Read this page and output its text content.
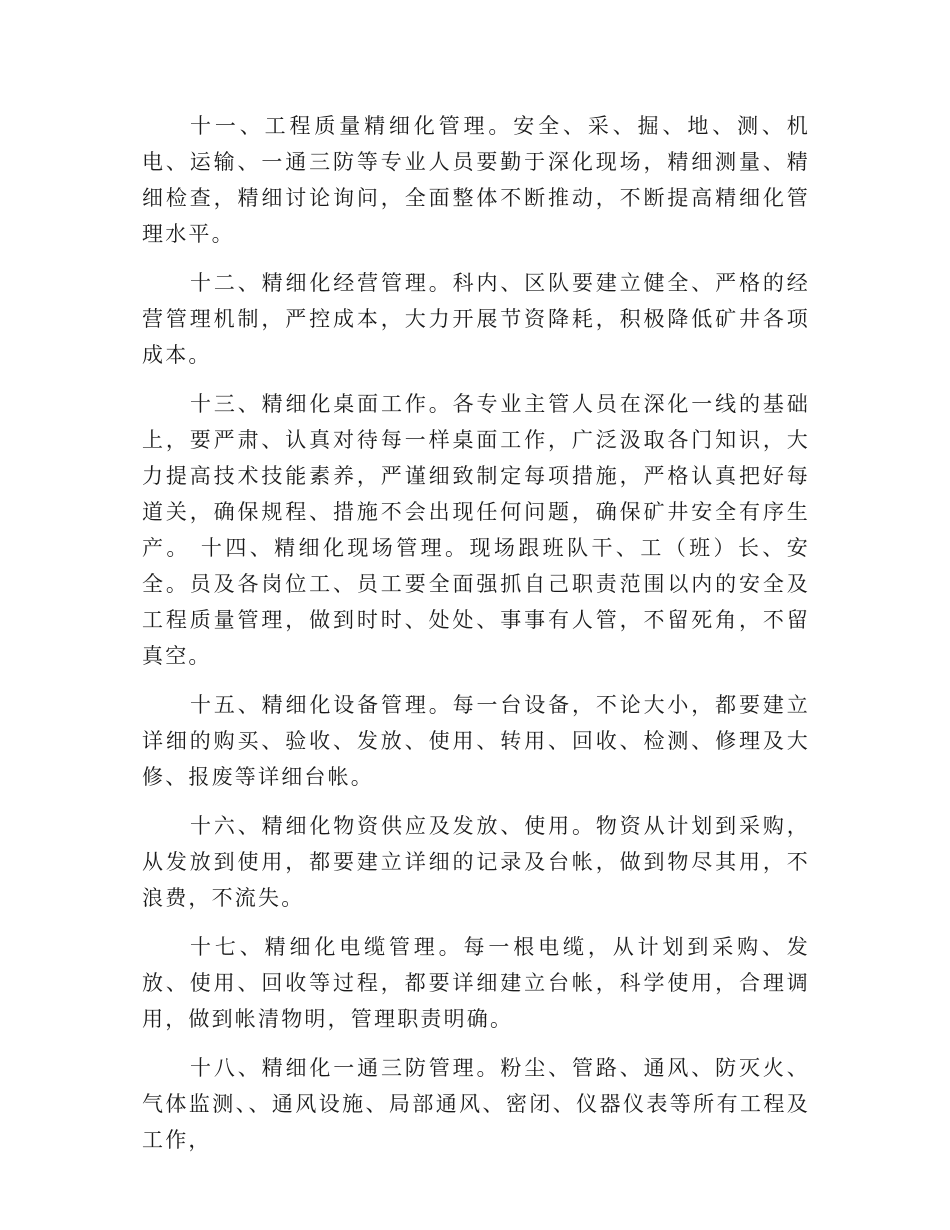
十一、工程质量精细化管理。安全、采、掘、地、测、机电、运输、一通三防等专业人员要勤于深化现场，精细测量、精细检查，精细讨论询问，全面整体不断推动，不断提高精细化管理水平。

十二、精细化经营管理。科内、区队要建立健全、严格的经营管理机制，严控成本，大力开展节资降耗，积极降低矿井各项成本。

十三、精细化桌面工作。各专业主管人员在深化一线的基础上，要严肃、认真对待每一样桌面工作，广泛汲取各门知识，大力提高技术技能素养，严谨细致制定每项措施，严格认真把好每道关，确保规程、措施不会出现任何问题，确保矿井安全有序生产。 十四、精细化现场管理。现场跟班队干、工（班）长、安全。员及各岗位工、员工要全面强抓自己职责范围以内的安全及工程质量管理，做到时时、处处、事事有人管，不留死角，不留真空。

十五、精细化设备管理。每一台设备，不论大小，都要建立详细的购买、验收、发放、使用、转用、回收、检测、修理及大修、报废等详细台帐。

十六、精细化物资供应及发放、使用。物资从计划到采购，从发放到使用，都要建立详细的记录及台帐，做到物尽其用，不浪费，不流失。

十七、精细化电缆管理。每一根电缆，从计划到采购、发放、使用、回收等过程，都要详细建立台帐，科学使用，合理调用，做到帐清物明，管理职责明确。

十八、精细化一通三防管理。粉尘、管路、通风、防灭火、气体监测、、通风设施、局部通风、密闭、仪器仪表等所有工程及工作，
